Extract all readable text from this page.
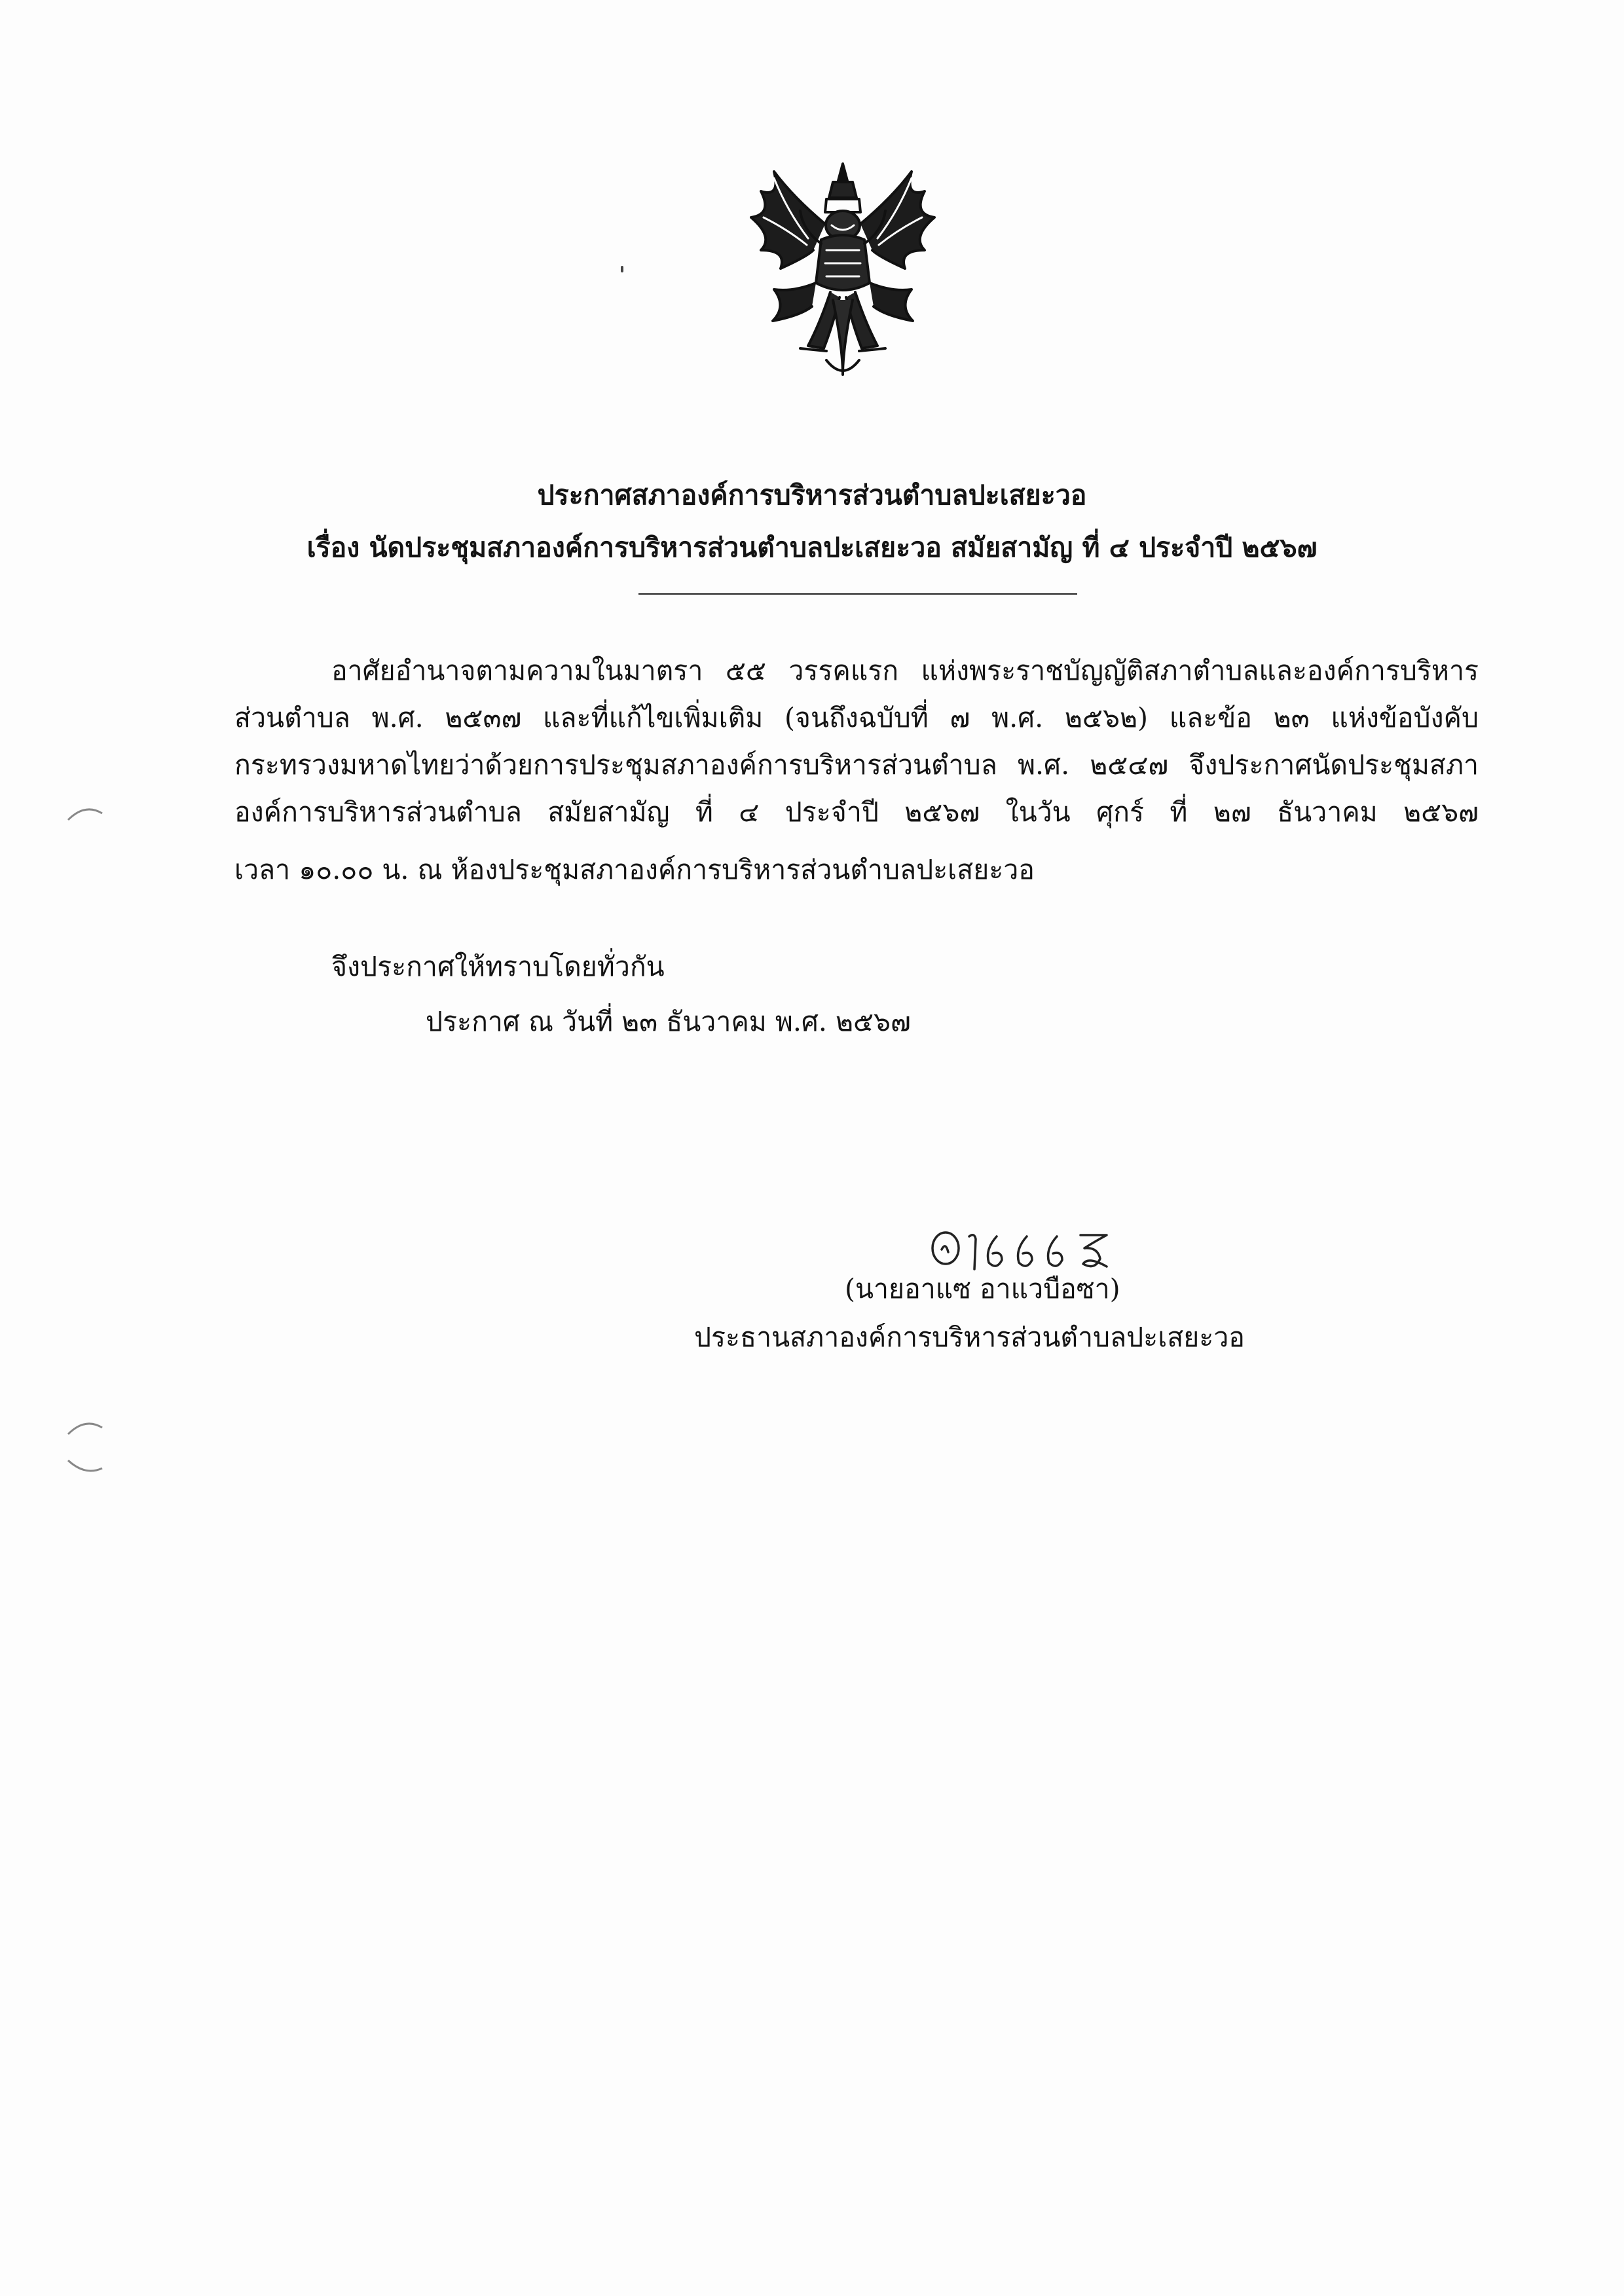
ประกาศสภาองค์การบริหารส่วนตำบลปะเสยะวอ
เรื่อง นัดประชุมสภาองค์การบริหารส่วนตำบลปะเสยะวอ สมัยสามัญ ที่ ๔ ประจำปี ๒๕๖๗
อาศัยอำนาจตามความในมาตรา ๕๕ วรรคแรก แห่งพระราชบัญญัติสภาตำบลและองค์การบริหาร
ส่วนตำบล พ.ศ. ๒๕๓๗ และที่แก้ไขเพิ่มเติม (จนถึงฉบับที่ ๗ พ.ศ. ๒๕๖๒) และข้อ ๒๓ แห่งข้อบังคับ
กระทรวงมหาดไทยว่าด้วยการประชุมสภาองค์การบริหารส่วนตำบล พ.ศ. ๒๕๔๗ จึงประกาศนัดประชุมสภา
องค์การบริหารส่วนตำบล สมัยสามัญ ที่ ๔ ประจำปี ๒๕๖๗ ในวัน ศุกร์ ที่ ๒๗ ธันวาคม ๒๕๖๗
เวลา ๑๐.๐๐ น. ณ ห้องประชุมสภาองค์การบริหารส่วนตำบลปะเสยะวอ
จึงประกาศให้ทราบโดยทั่วกัน
ประกาศ ณ วันที่ ๒๓ ธันวาคม พ.ศ. ๒๕๖๗
(นายอาแซ อาแวบือซา)
ประธานสภาองค์การบริหารส่วนตำบลปะเสยะวอ
